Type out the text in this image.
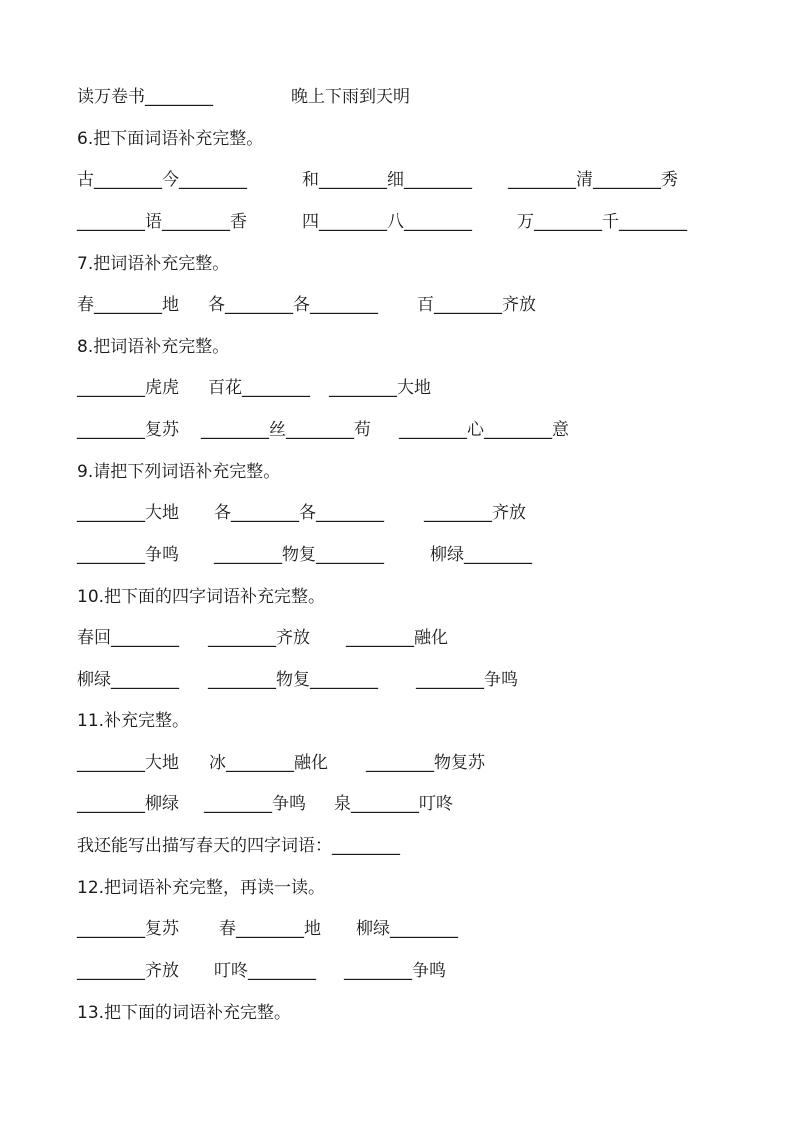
读万卷书________	晚上下雨到天明
6.把下面词语补充完整。
古________今________	和________细________ ________清________秀
________语________香	四________八________	万________千________
7.把词语补充完整。
春________地 各________各________ 百________齐放
8.把词语补充完整。
________虎虎 百花________ ________大地
________复苏 ________丝________苟 ________心________意
9.请把下列词语补充完整。
________大地 各________各________ ________齐放
________争鸣 ________物复________	柳绿________
10.把下面的四字词语补充完整。
春回________ ________齐放 ________融化
柳绿________ ________物复________ ________争鸣
11.补充完整。
________大地 冰________融化 ________物复苏
________柳绿 ________争鸣 泉________叮咚
我还能写出描写春天的四字词语：________
12.把词语补充完整，再读一读。
________复苏 春________地 柳绿________
________齐放 叮咚________ ________争鸣
13.把下面的词语补充完整。
